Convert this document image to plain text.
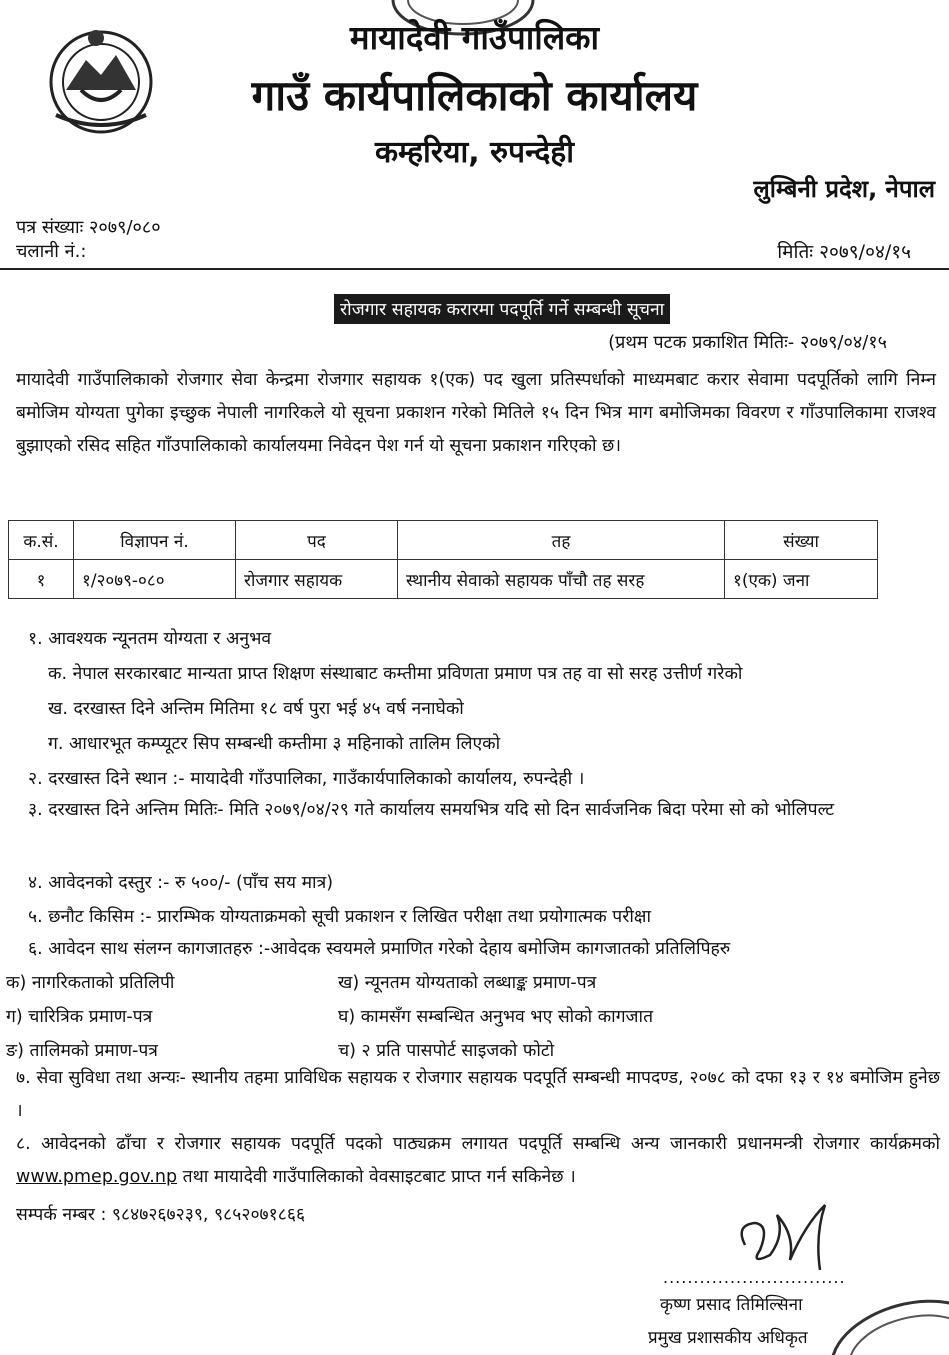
मायादेवी गाउँपालिका
गाउँ कार्यपालिकाको कार्यालय
कम्हरिया, रुपन्देही
लुम्बिनी प्रदेश, नेपाल
पत्र संख्याः २०७९/०८०
चलानी नं.:	मितिः २०७९/०४/१५
रोजगार सहायक करारमा पदपूर्ति गर्ने सम्बन्धी सूचना
(प्रथम पटक प्रकाशित मितिः- २०७९/०४/१५
मायादेवी गाउँपालिकाको रोजगार सेवा केन्द्रमा रोजगार सहायक १(एक) पद खुला प्रतिस्पर्धाको माध्यमबाट करार सेवामा पदपूर्तिको लागि निम्न बमोजिम योग्यता पुगेका इच्छुक नेपाली नागरिकले यो सूचना प्रकाशन गरेको मितिले १५ दिन भित्र माग बमोजिमका विवरण र गाँउपालिकामा राजश्व बुझाएको रसिद सहित गाँउपालिकाको कार्यालयमा निवेदन पेश गर्न यो सूचना प्रकाशन गरिएको छ।
क.सं.	विज्ञापन नं.	पद	तह	संख्या
१	१/२०७९-०८०	रोजगार सहायक	स्थानीय सेवाको सहायक पाँचौ तह सरह	१(एक) जना
१. आवश्यक न्यूनतम योग्यता र अनुभव
क. नेपाल सरकारबाट मान्यता प्राप्त शिक्षण संस्थाबाट कम्तीमा प्रविणता प्रमाण पत्र तह वा सो सरह उत्तीर्ण गरेको
ख. दरखास्त दिने अन्तिम मितिमा १८ वर्ष पुरा भई ४५ वर्ष ननाघेको
ग. आधारभूत कम्प्यूटर सिप सम्बन्धी कम्तीमा ३ महिनाको तालिम लिएको
२. दरखास्त दिने स्थान :- मायादेवी गाँउपालिका, गाउँकार्यपालिकाको कार्यालय, रुपन्देही ।
३. दरखास्त दिने अन्तिम मितिः- मिति २०७९/०४/२९ गते कार्यालय समयभित्र यदि सो दिन सार्वजनिक बिदा परेमा सो को भोलिपल्ट
४. आवेदनको दस्तुर :- रु ५००/- (पाँच सय मात्र)
५. छनौट किसिम :- प्रारम्भिक योग्यताक्रमको सूची प्रकाशन र लिखित परीक्षा तथा प्रयोगात्मक परीक्षा
६. आवेदन साथ संलग्न कागजातहरु :-आवेदक स्वयमले प्रमाणित गरेको देहाय बमोजिम कागजातको प्रतिलिपिहरु
क) नागरिकताको प्रतिलिपी	ख) न्यूनतम योग्यताको लब्धाङ्क प्रमाण-पत्र
ग) चारित्रिक प्रमाण-पत्र	घ) कामसँग सम्बन्धित अनुभव भए सोको कागजात
ङ) तालिमको प्रमाण-पत्र	च) २ प्रति पासपोर्ट साइजको फोटो
७. सेवा सुविधा तथा अन्यः- स्थानीय तहमा प्राविधिक सहायक र रोजगार सहायक पदपूर्ति सम्बन्धी मापदण्ड, २०७८ को दफा १३ र १४ बमोजिम हुनेछ ।
८. आवेदनको ढाँचा र रोजगार सहायक पदपूर्ति पदको पाठ्यक्रम लगायत पदपूर्ति सम्बन्धि अन्य जानकारी प्रधानमन्त्री रोजगार कार्यक्रमको www.pmep.gov.np तथा मायादेवी गाउँपालिकाको वेवसाइटबाट प्राप्त गर्न सकिनेछ ।
सम्पर्क नम्बर : ९८४७२६७२३९, ९८५२०७१८६६
..............................
कृष्ण प्रसाद तिमिल्सिना
प्रमुख प्रशासकीय अधिकृत
